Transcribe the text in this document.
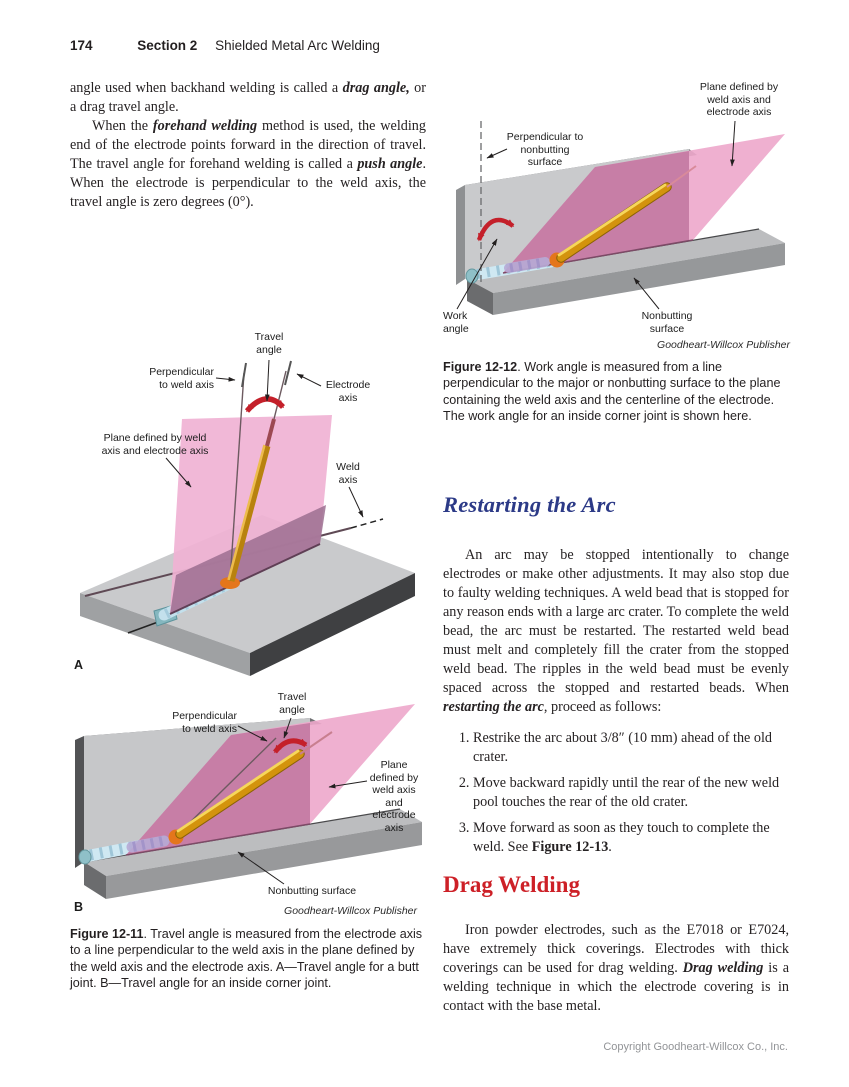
174	Section 2 Shielded Metal Arc Welding

angle used when backhand welding is called a drag angle, or a drag travel angle.

When the forehand welding method is used, the welding end of the electrode points forward in the direction of travel. The travel angle for forehand welding is called a push angle. When the electrode is perpendicular to the weld axis, the travel angle is zero degrees (0°).

Travel angle
Perpendicular to weld axis	Electrode axis
Plane defined by weld axis and electrode axis
Weld axis
A
Travel angle
Perpendicular to weld axis
Plane defined by weld axis and electrode axis
Nonbutting surface
B	Goodheart-Willcox Publisher
Figure 12-11. Travel angle is measured from the electrode axis to a line perpendicular to the weld axis in the plane defined by the weld axis and the electrode axis. A—Travel angle for a butt joint. B—Travel angle for an inside corner joint.
Plane defined by weld axis and electrode axis
Perpendicular to nonbutting surface
Work angle
Nonbutting surface
Goodheart-Willcox Publisher
Figure 12-12. Work angle is measured from a line perpendicular to the major or nonbutting surface to the plane containing the weld axis and the centerline of the electrode. The work angle for an inside corner joint is shown here.
Restarting the Arc
An arc may be stopped intentionally to change electrodes or make other adjustments. It may also stop due to faulty welding techniques. A weld bead that is stopped for any reason ends with a large arc crater. To complete the weld bead, the arc must be restarted. The restarted weld bead must melt and completely fill the crater from the stopped weld bead. The ripples in the weld bead must be evenly spaced across the stopped and restarted beads. When restarting the arc, proceed as follows:
1. Restrike the arc about 3/8″ (10 mm) ahead of the old crater.
2. Move backward rapidly until the rear of the new weld pool touches the rear of the old crater.
3. Move forward as soon as they touch to complete the weld. See Figure 12-13.
Drag Welding
Iron powder electrodes, such as the E7018 or E7024, have extremely thick coverings. Electrodes with thick coverings can be used for drag welding. Drag welding is a welding technique in which the electrode covering is in contact with the base metal.
Copyright Goodheart-Willcox Co., Inc.
